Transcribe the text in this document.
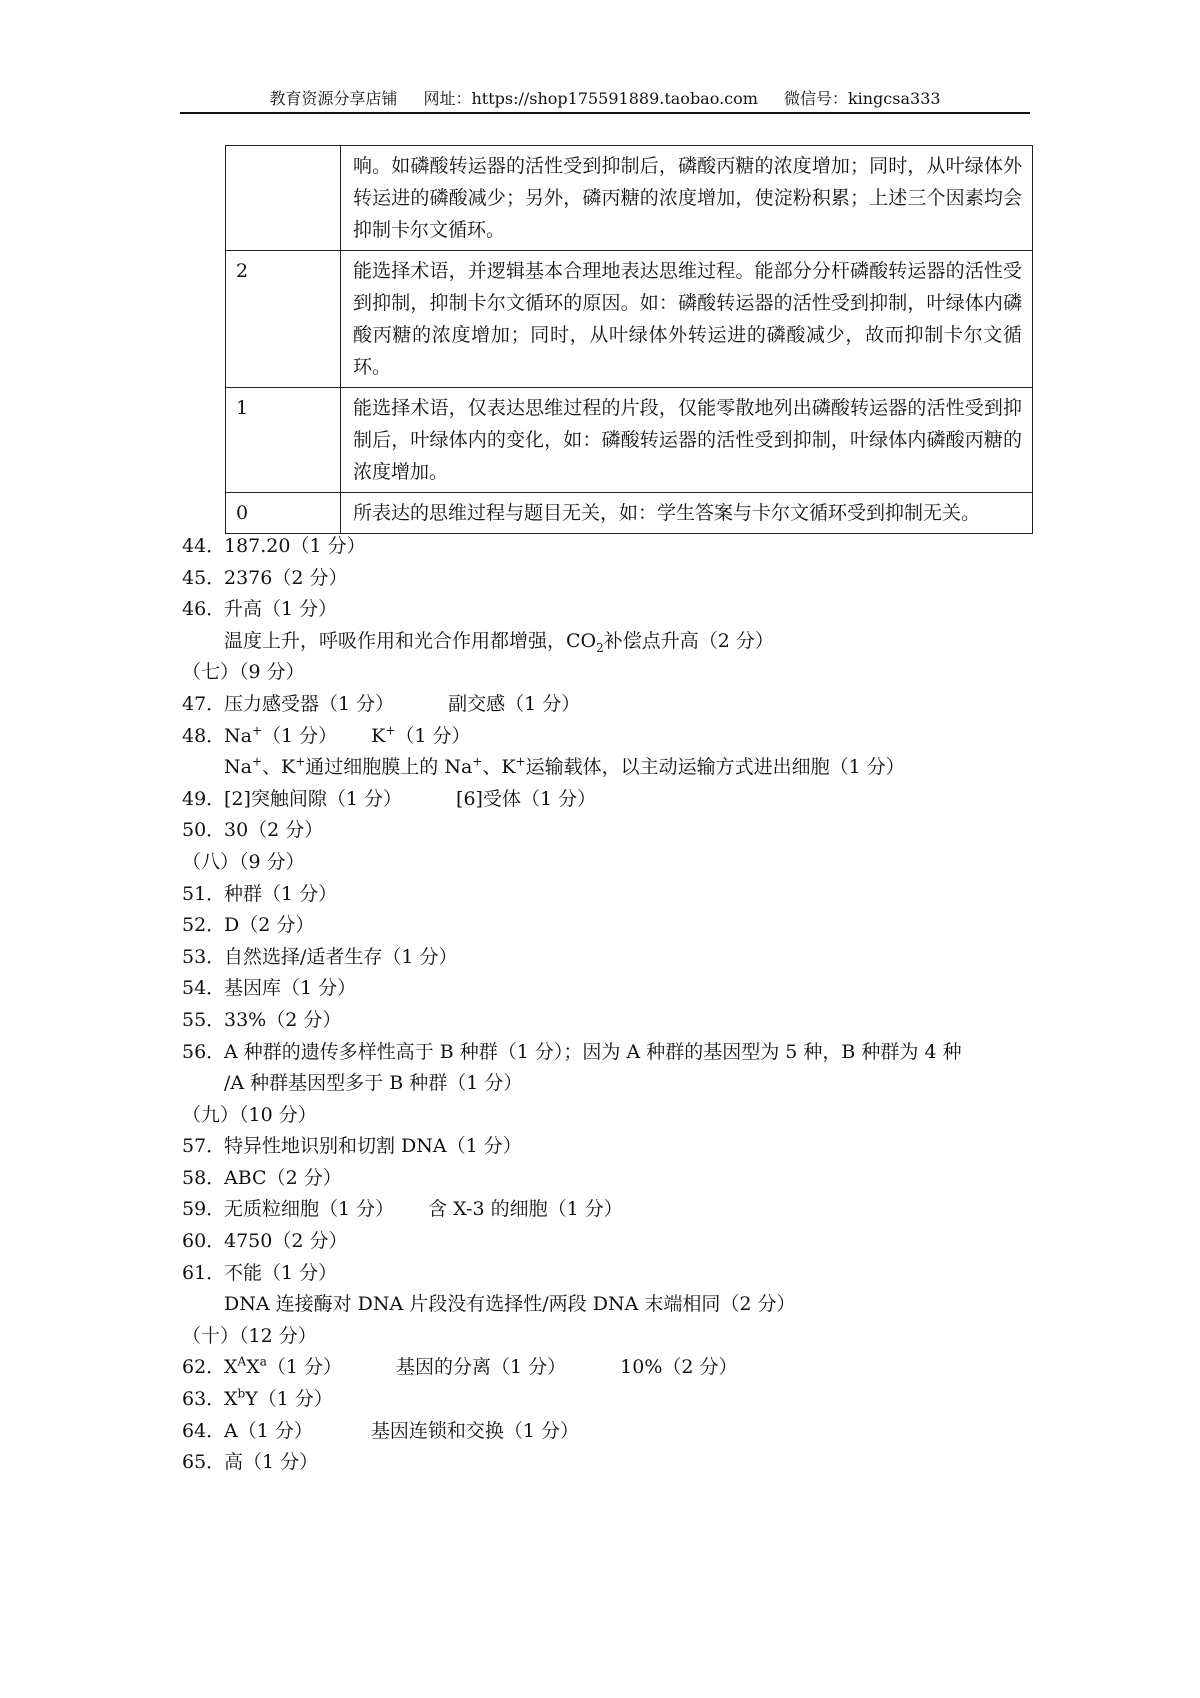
教育资源分享店铺 网址：https://shop175591889.taobao.com 微信号：kingcsa333
	响。如磷酸转运器的活性受到抑制后，磷酸丙糖的浓度增加；同时，从叶绿体外转运进的磷酸减少；另外，磷丙糖的浓度增加，使淀粉积累；上述三个因素均会抑制卡尔文循环。
2	能选择术语，并逻辑基本合理地表达思维过程。能部分分杆磷酸转运器的活性受到抑制，抑制卡尔文循环的原因。如：磷酸转运器的活性受到抑制，叶绿体内磷酸丙糖的浓度增加；同时，从叶绿体外转运进的磷酸减少，故而抑制卡尔文循环。
1	能选择术语，仅表达思维过程的片段，仅能零散地列出磷酸转运器的活性受到抑制后，叶绿体内的变化，如：磷酸转运器的活性受到抑制，叶绿体内磷酸丙糖的浓度增加。
0	所表达的思维过程与题目无关，如：学生答案与卡尔文循环受到抑制无关。
44．187.20（1 分）
45．2376（2 分）
46．升高（1 分）
温度上升，呼吸作用和光合作用都增强，$CO_2$补偿点升高（2 分）
（七）（9 分）
47．压力感受器（1 分）	副交感（1 分）
48．Na+（1 分） K+（1 分）
Na+、K+通过细胞膜上的 Na+、K+运输载体，以主动运输方式进出细胞（1 分）
49．[2]突触间隙（1 分）	[6]受体（1 分）
50．30（2 分）
（八）（9 分）
51．种群（1 分）
52．D（2 分）
53．自然选择/适者生存（1 分）
54．基因库（1 分）
55．33%（2 分）
56．A 种群的遗传多样性高于 B 种群（1 分）；因为 A 种群的基因型为 5 种，B 种群为 4 种
/A 种群基因型多于 B 种群（1 分）
（九）（10 分）
57．特异性地识别和切割 DNA（1 分）
58．ABC（2 分）
59．无质粒细胞（1 分） 含 X-3 的细胞（1 分）
60．4750（2 分）
61．不能（1 分）
DNA 连接酶对 DNA 片段没有选择性/两段 DNA 末端相同（2 分）
（十）（12 分）
62．$X^AX^a(1$ 分）	基因的分离（1 分）	10%（2 分）
63．$X^bY(1$ 分）
64．A（1 分）	基因连锁和交换（1 分）
65．高（1 分）
